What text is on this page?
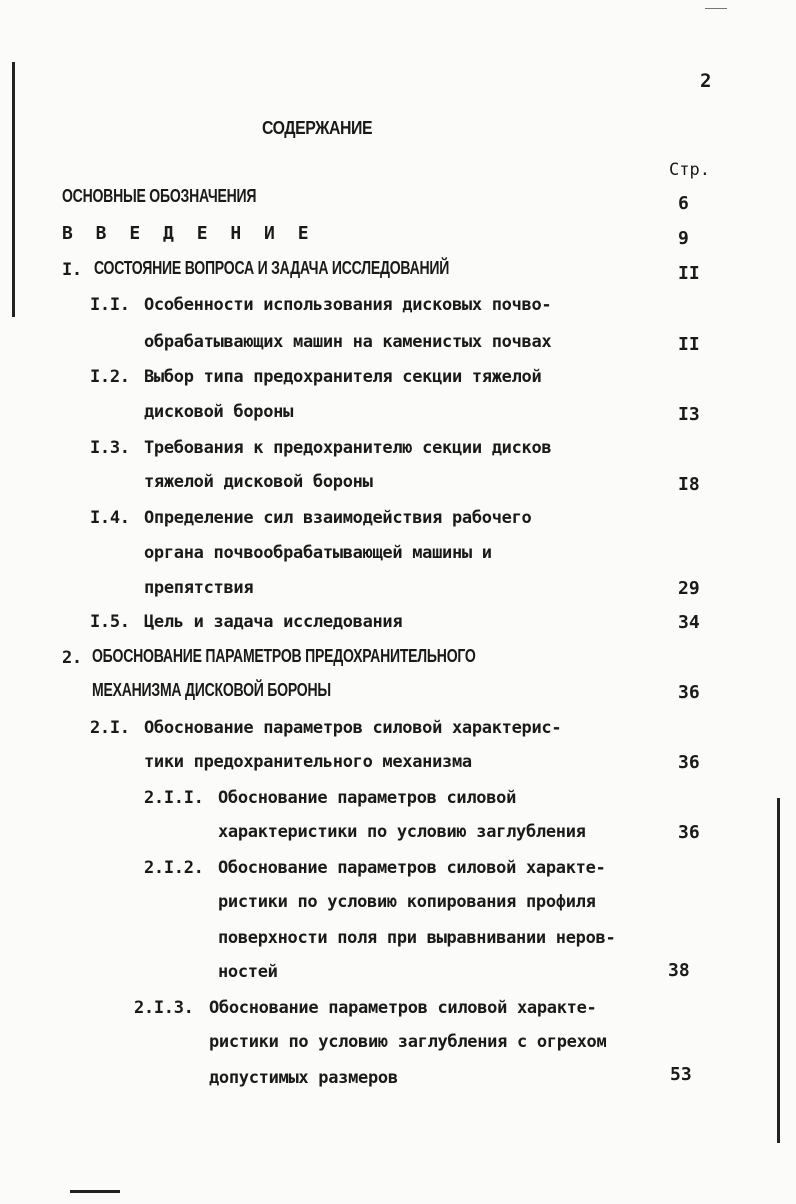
2
СОДЕРЖАНИЕ
Стр.
ОСНОВНЫЕ ОБОЗНАЧЕНИЯ	6
В В Е Д Е Н И Е	9
I. СОСТОЯНИЕ ВОПРОСА И ЗАДАЧА ИССЛЕДОВАНИЙ	II
I.I. Особенности использования дисковых почво-
обрабатывающих машин на каменистых почвах	II
I.2. Выбор типа предохранителя секции тяжелой
дисковой бороны	I3
I.3. Требования к предохранителю секции дисков
тяжелой дисковой бороны	I8
I.4. Определение сил взаимодействия рабочего
органа почвообрабатывающей машины и
препятствия	29
I.5. Цель и задача исследования	34
2. ОБОСНОВАНИЕ ПАРАМЕТРОВ ПРЕДОХРАНИТЕЛЬНОГО
МЕХАНИЗМА ДИСКОВОЙ БОРОНЫ	36
2.I. Обоснование параметров силовой характерис-
тики предохранительного механизма	36
2.I.I. Обоснование параметров силовой
характеристики по условию заглубления	36
2.I.2. Обоснование параметров силовой характе-
ристики по условию копирования профиля
поверхности поля при выравнивании неров-
ностей	38
2.I.3. Обоснование параметров силовой характе-
ристики по условию заглубления с огрехом
допустимых размеров	53
